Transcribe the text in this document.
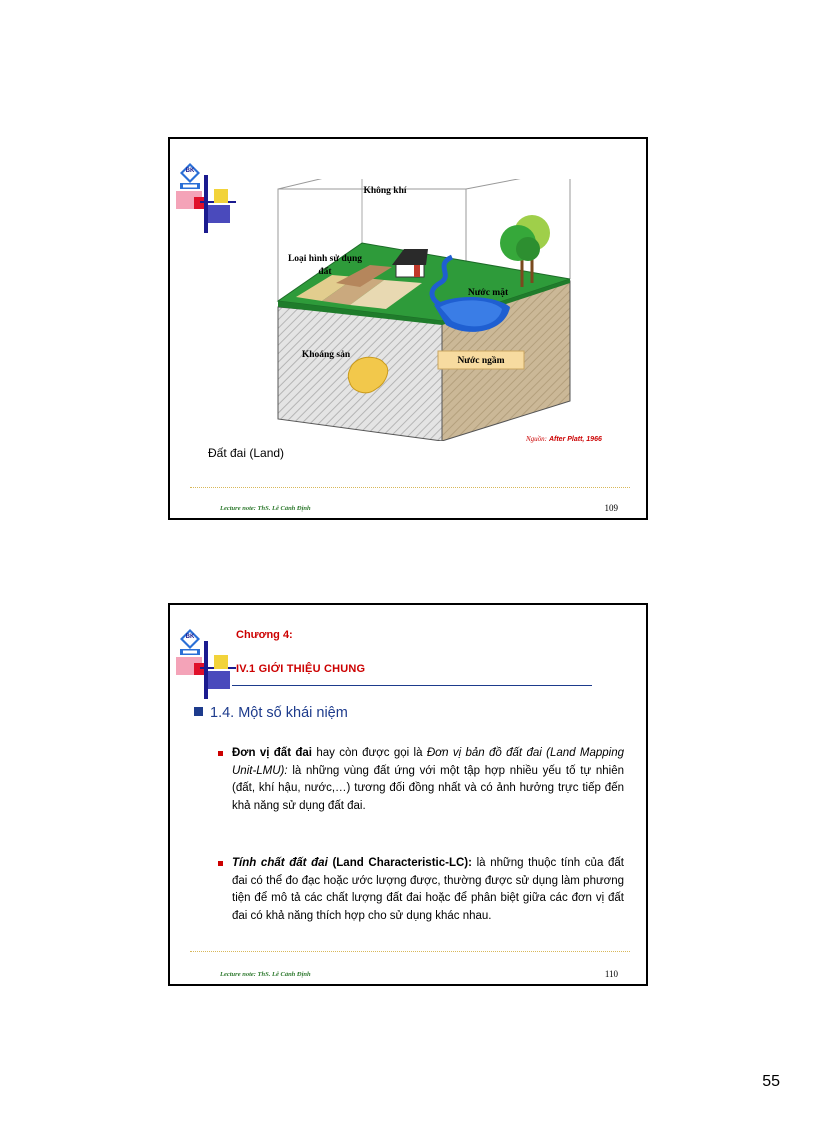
BK
Không khí
Loại hình sử dụng đất
Nước mặt
Khoáng sản
Nước ngầm
Nguồn: After Platt, 1966
Đất đai (Land)
Lecture note: ThS. Lê Cảnh Định	109
BK	Chương 4:
IV.1 GIỚI THIỆU CHUNG
1.4. Một số khái niệm
Đơn vị đất đai hay còn được gọi là Đơn vị bản đồ đất đai (Land Mapping Unit-LMU): là những vùng đất ứng với một tập hợp nhiều yếu tố tự nhiên (đất, khí hậu, nước,…) tương đối đồng nhất và có ảnh hưởng trực tiếp đến khả năng sử dụng đất đai.
Tính chất đất đai (Land Characteristic-LC): là những thuộc tính của đất đai có thể đo đạc hoặc ước lượng được, thường được sử dụng làm phương tiện để mô tả các chất lượng đất đai hoặc để phân biệt giữa các đơn vị đất đai có khả năng thích hợp cho sử dụng khác nhau.
Lecture note: ThS. Lê Cảnh Định	110
55
